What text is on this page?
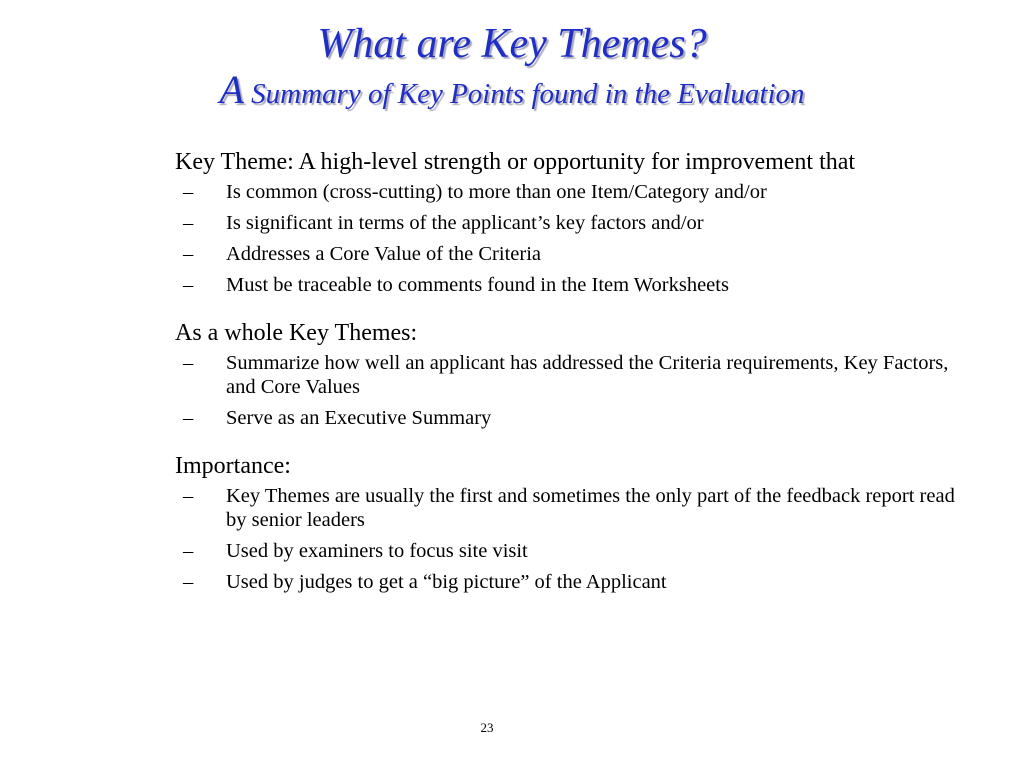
What are Key Themes?

A Summary of Key Points found in the Evaluation

Key Theme: A high-level strength or opportunity for improvement that

– Is common (cross-cutting) to more than one Item/Category and/or
– Is significant in terms of the applicant’s key factors and/or
– Addresses a Core Value of the Criteria
– Must be traceable to comments found in the Item Worksheets

As a whole Key Themes:

– Summarize how well an applicant has addressed the Criteria requirements, Key Factors, and Core Values
– Serve as an Executive Summary

Importance:

– Key Themes are usually the first and sometimes the only part of the feedback report read by senior leaders
– Used by examiners to focus site visit
– Used by judges to get a “big picture” of the Applicant
23
